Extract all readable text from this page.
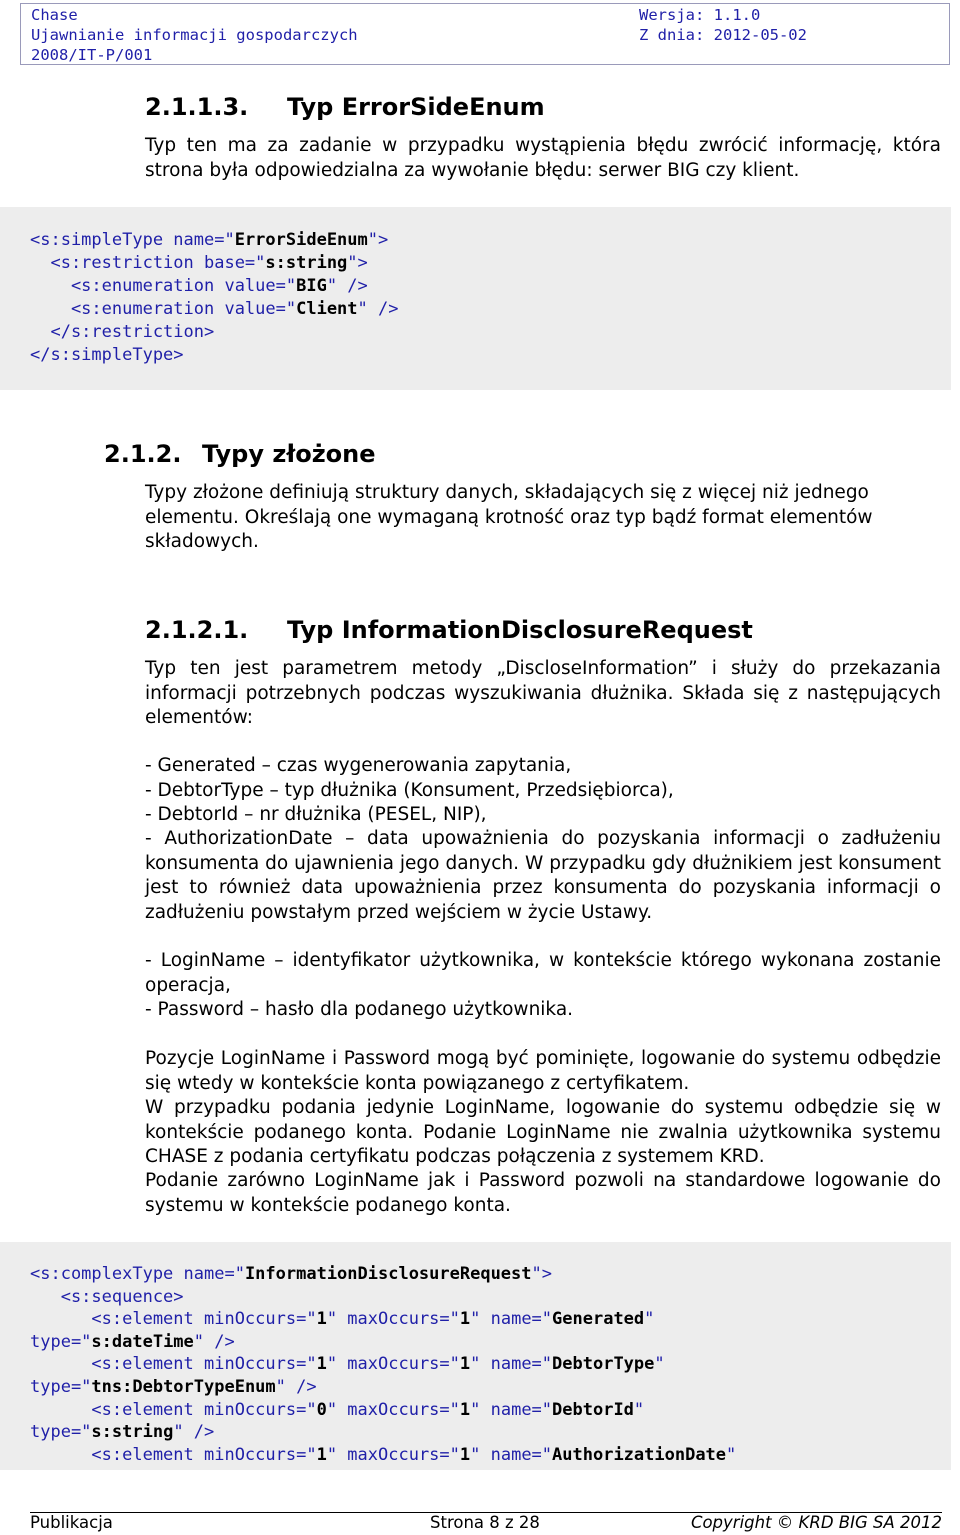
Chase	Wersja: 1.1.0
Ujawnianie informacji gospodarczych	Z dnia: 2012-05-02
2008/IT-P/001
2.1.1.3. Typ ErrorSideEnum

Typ ten ma za zadanie w przypadku wystąpienia błędu zwrócić informację, która strona była odpowiedzialna za wywołanie błędu: serwer BIG czy klient.

<s:simpleType name="ErrorSideEnum">
<s:restriction base="s:string">
<s:enumeration value="BIG" />
<s:enumeration value="Client" />
</s:restriction>
</s:simpleType>
2.1.2. Typy złożone

Typy złożone definiują struktury danych, składających się z więcej niż jednego elementu. Określają one wymaganą krotność oraz typ bądź format elementów składowych.

2.1.2.1. Typ InformationDisclosureRequest

Typ ten jest parametrem metody „DiscloseInformation” i służy do przekazania informacji potrzebnych podczas wyszukiwania dłużnika. Składa się z następujących elementów:

- Generated – czas wygenerowania zapytania,
- DebtorType – typ dłużnika (Konsument, Przedsiębiorca),
- DebtorId – nr dłużnika (PESEL, NIP),

- AuthorizationDate – data upoważnienia do pozyskania informacji o zadłużeniu konsumenta do ujawnienia jego danych. W przypadku gdy dłużnikiem jest konsument jest to również data upoważnienia przez konsumenta do pozyskania informacji o zadłużeniu powstałym przed wejściem w życie Ustawy.

- LoginName – identyfikator użytkownika, w kontekście którego wykonana zostanie operacja,

- Password – hasło dla podanego użytkownika.

Pozycje LoginName i Password mogą być pominięte, logowanie do systemu odbędzie się wtedy w kontekście konta powiązanego z certyfikatem.

W przypadku podania jedynie LoginName, logowanie do systemu odbędzie się w kontekście podanego konta. Podanie LoginName nie zwalnia użytkownika systemu CHASE z podania certyfikatu podczas połączenia z systemem KRD.

Podanie zarówno LoginName jak i Password pozwoli na standardowe logowanie do systemu w kontekście podanego konta.

<s:complexType name="InformationDisclosureRequest">
<s:sequence>
<s:element minOccurs="1" maxOccurs="1" name="Generated"
type="s:dateTime" />
<s:element minOccurs="1" maxOccurs="1" name="DebtorType"
type="tns:DebtorTypeEnum" />
<s:element minOccurs="0" maxOccurs="1" name="DebtorId"
type="s:string" />
<s:element minOccurs="1" maxOccurs="1" name="AuthorizationDate"
Publikacja	Strona 8 z 28	Copyright © KRD BIG SA 2012
